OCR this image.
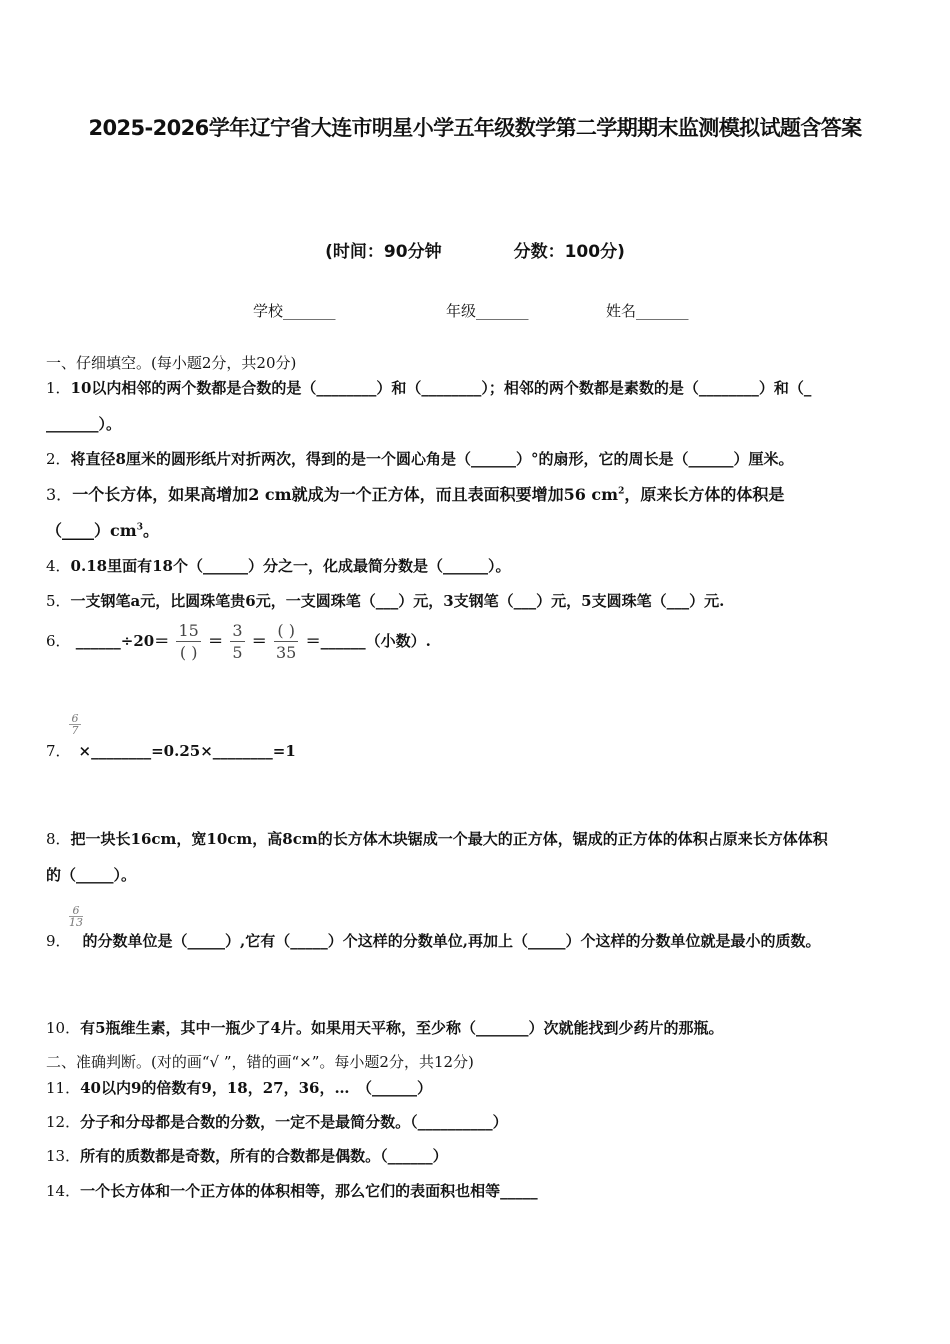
2025-2026学年辽宁省大连市明星小学五年级数学第二学期期末监测模拟试题含答案
(时间：90分钟	分数：100分)
学校_______	年级_______	姓名_______
一、仔细填空。(每小题2分，共20分)
1．10以内相邻的两个数都是合数的是（________）和（________）；相邻的两个数都是素数的是（________）和（_
_______）。
2．将直径8厘米的圆形纸片对折两次，得到的是一个圆心角是（______）°的扇形，它的周长是（______）厘米。
3．一个长方体，如果高增加2 cm就成为一个正方体，而且表面积要增加56 $cm^2$，原来长方体的体积是
$(\_\_\_\_)cm^3$。
4．0.18里面有18个（______）分之一，化成最简分数是（______）。
5．一支钢笔a元，比圆珠笔贵6元，一支圆珠笔（___）元，3支钢笔（___）元，5支圆珠笔（___）元.
6． ______÷20＝ $\frac{15}{( )} = \frac{3}{5} = \frac{( )}{35}$ ＝______（小数）.
7． ×________=0.25×________=1
$\frac{6}{7}$
8．把一块长16cm，宽10cm，高8cm的长方体木块锯成一个最大的正方体，锯成的正方体的体积占原来长方体体积
的（_____）。
9． 的分数单位是（_____）,它有（_____）个这样的分数单位,再加上（_____）个这样的分数单位就是最小的质数。
$\frac{6}{13}$
10．有5瓶维生素，其中一瓶少了4片。如果用天平称，至少称（_______）次就能找到少药片的那瓶。
二、准确判断。(对的画“√ ”，错的画“×”。每小题2分，共12分)
11．40以内9的倍数有9，18，27，36，…　（______）
12．分子和分母都是合数的分数，一定不是最简分数。（__________）
13．所有的质数都是奇数，所有的合数都是偶数。（______）
14．一个长方体和一个正方体的体积相等，那么它们的表面积也相等_____
